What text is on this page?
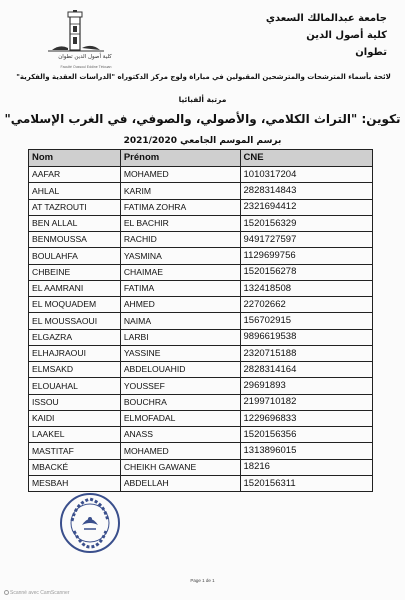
جامعة عبدالمالك السعدي
كلية أصول الدين
تطوان
كلية أصول الدين تطوان
Faculté Oussoul Eddine Tétouan
لائحة بأسماء المترشحات والمترشحين المقبولين في مباراة ولوج مركز الدكتوراه "الدراسات العقدية والفكرية"
مرتبة ألفبائيا
تكوين: "التراث الكلامي، والأصولي، والصوفي، في الغرب الإسلامي"
برسم الموسم الجامعي 2021/2020
Nom	Prénom	CNE
AAFAR	MOHAMED	1010317204
AHLAL	KARIM	2828314843
AT TAZROUTI	FATIMA ZOHRA	2321694412
BEN ALLAL	EL BACHIR	1520156329
BENMOUSSA	RACHID	9491727597
BOULAHFA	YASMINA	1129699756
CHBEINE	CHAIMAE	1520156278
EL AAMRANI	FATIMA	132418508
EL MOQUADEM	AHMED	22702662
EL MOUSSAOUI	NAIMA	156702915
ELGAZRA	LARBI	9896619538
ELHAJRAOUI	YASSINE	2320715188
ELMSAKD	ABDELOUAHID	2828314164
ELOUAHAL	YOUSSEF	29691893
ISSOU	BOUCHRA	2199710182
KAIDI	ELMOFADAL	1229696833
LAAKEL	ANASS	1520156356
MASTITAF	MOHAMED	1313896015
MBACKÉ	CHEIKH GAWANE	18216
MESBAH	ABDELLAH	1520156311
Page 1 de 1
Scanné avec CamScanner
